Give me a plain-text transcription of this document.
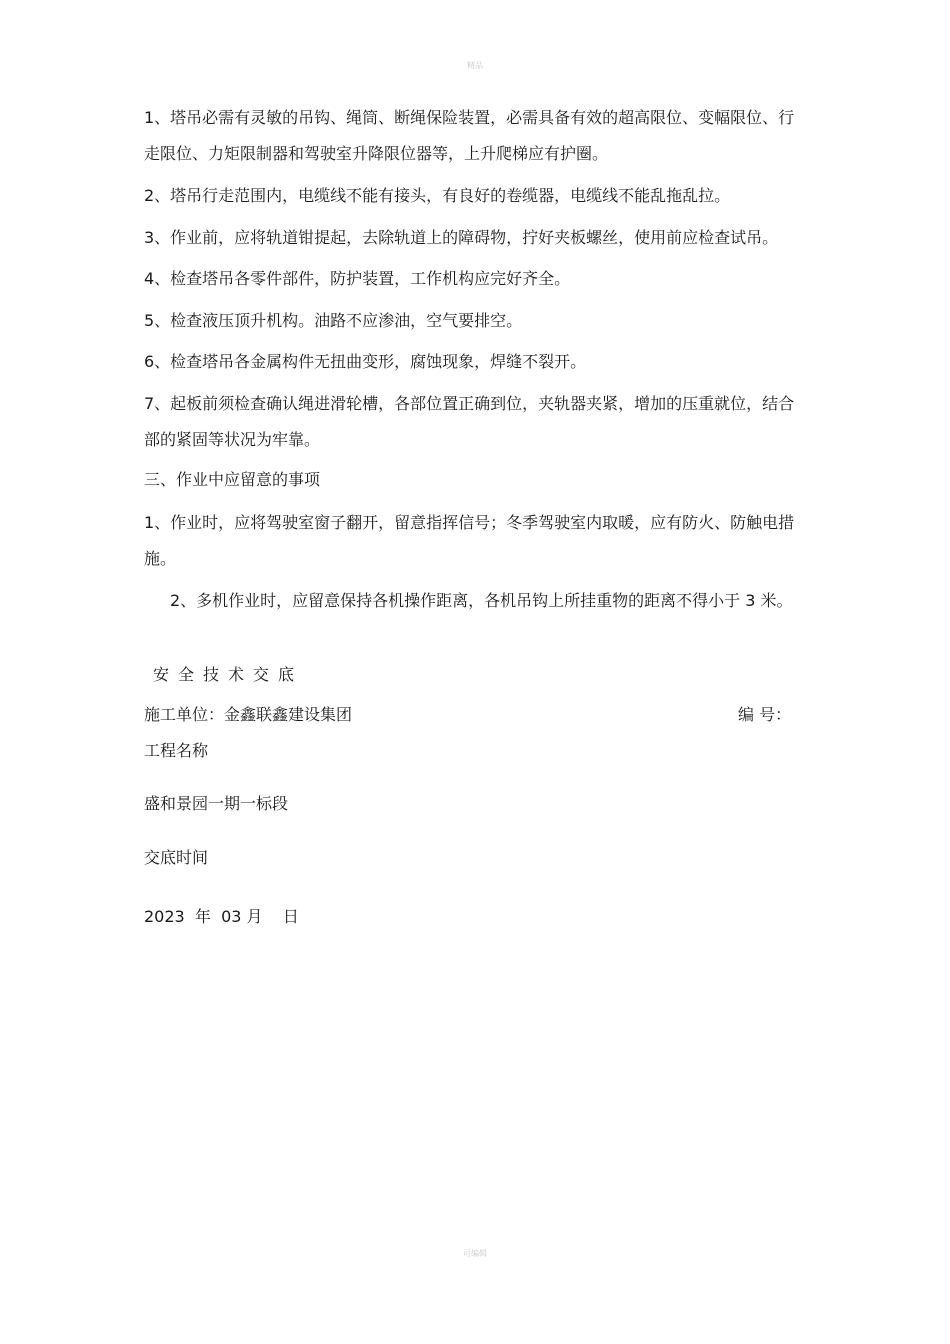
精品

1、塔吊必需有灵敏的吊钩、绳筒、断绳保险装置，必需具备有效的超高限位、变幅限位、行走限位、力矩限制器和驾驶室升降限位器等，上升爬梯应有护圈。

2、塔吊行走范围内，电缆线不能有接头，有良好的卷缆器，电缆线不能乱拖乱拉。

3、作业前，应将轨道钳提起，去除轨道上的障碍物，拧好夹板螺丝，使用前应检查试吊。

4、检查塔吊各零件部件，防护装置，工作机构应完好齐全。

5、检查液压顶升机构。油路不应渗油，空气要排空。

6、检查塔吊各金属构件无扭曲变形，腐蚀现象，焊缝不裂开。

7、起板前须检查确认绳进滑轮槽，各部位置正确到位，夹轨器夹紧，增加的压重就位，结合部的紧固等状况为牢靠。

三、作业中应留意的事项

1、作业时，应将驾驶室窗子翻开，留意指挥信号；冬季驾驶室内取暖，应有防火、防触电措施。

2、多机作业时，应留意保持各机操作距离，各机吊钩上所挂重物的距离不得小于 3 米。

安全技术交底
施工单位：金鑫联鑫建设集团	编 号：
工程名称
盛和景园一期一标段
交底时间
2023  年  03 月    日
可编辑
